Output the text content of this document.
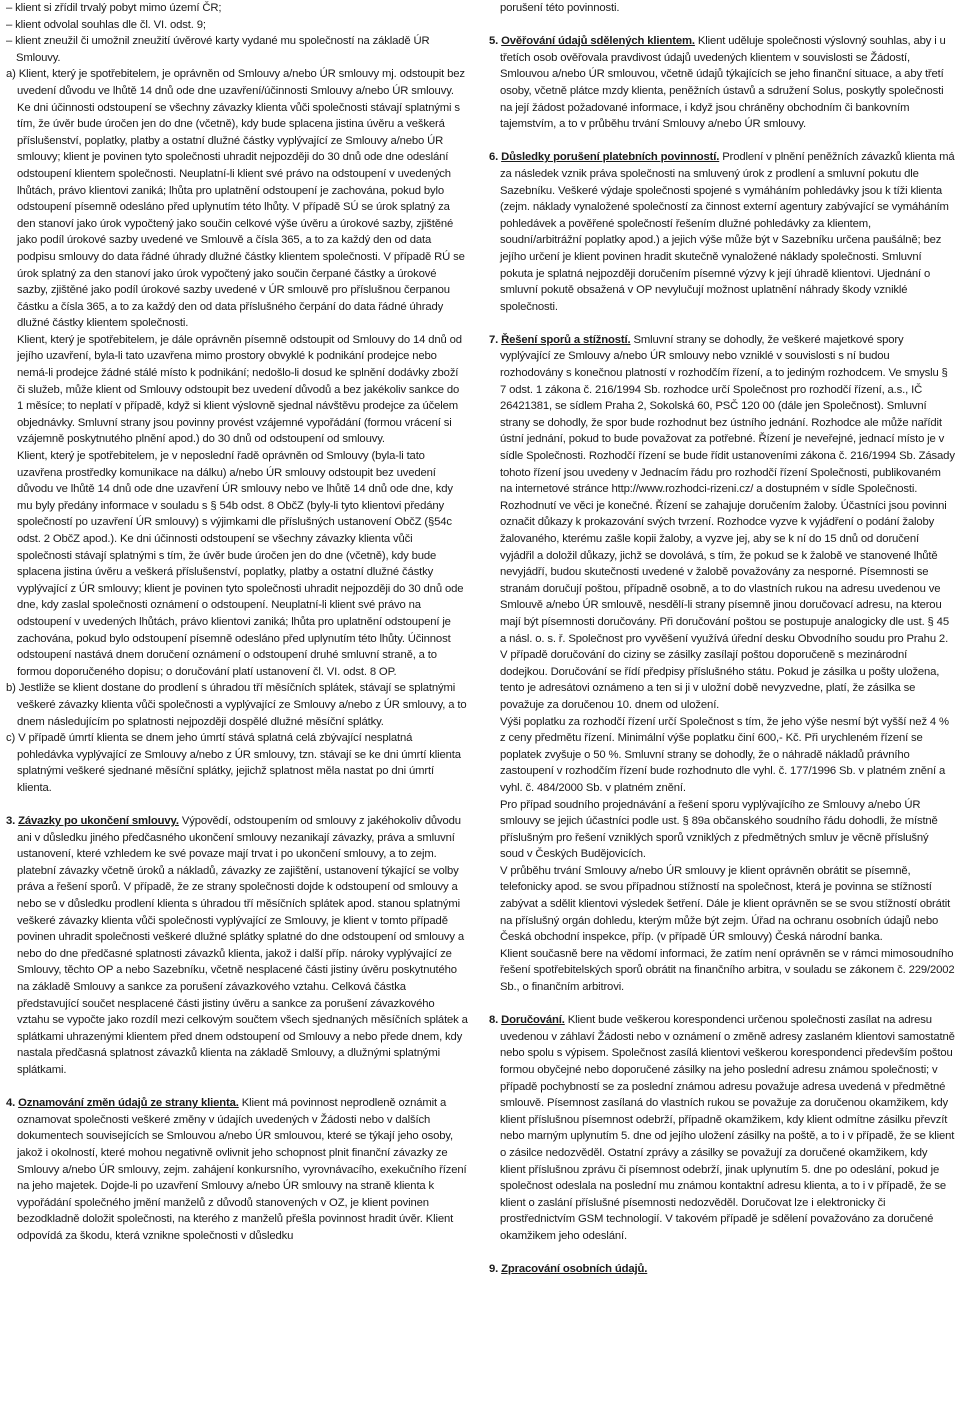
– klient si zřídil trvalý pobyt mimo území ČR;

– klient odvolal souhlas dle čl. VI. odst. 9;

– klient zneužil či umožnil zneužití úvěrové karty vydané mu společností na základě ÚR Smlouvy.

a) Klient, který je spotřebitelem, je oprávněn od Smlouvy a/nebo ÚR smlouvy mj. odstoupit bez uvedení důvodu ve lhůtě 14 dnů ode dne uzavření/účinnosti Smlouvy a/nebo ÚR smlouvy. Ke dni účinnosti odstoupení se všechny závazky klienta vůči společnosti stávají splatnými s tím, že úvěr bude úročen jen do dne (včetně), kdy bude splacena jistina úvěru a veškerá příslušenství, poplatky, platby a ostatní dlužné částky vyplývající ze Smlouvy a/nebo ÚR smlouvy; klient je povinen tyto společnosti uhradit nejpozději do 30 dnů ode dne odeslání odstoupení klientem společnosti. Neuplatní-li klient své právo na odstoupení v uvedených lhůtách, právo klientovi zaniká; lhůta pro uplatnění odstoupení je zachována, pokud bylo odstoupení písemně odesláno před uplynutím této lhůty. V případě SÚ se úrok splatný za den stanoví jako úrok vypočtený jako součin celkové výše úvěru a úrokové sazby, zjištěné jako podíl úrokové sazby uvedené ve Smlouvě a čísla 365, a to za každý den od data podpisu smlouvy do data řádné úhrady dlužné částky klientem společnosti. V případě RÚ se úrok splatný za den stanoví jako úrok vypočtený jako součin čerpané částky a úrokové sazby, zjištěné jako podíl úrokové sazby uvedené v ÚR smlouvě pro příslušnou čerpanou částku a čísla 365, a to za každý den od data příslušného čerpání do data řádné úhrady dlužné částky klientem společnosti.

Klient, který je spotřebitelem, je dále oprávněn písemně odstoupit od Smlouvy do 14 dnů od jejího uzavření, byla-li tato uzavřena mimo prostory obvyklé k podnikání prodejce nebo nemá-li prodejce žádné stálé místo k podnikání; nedošlo-li dosud ke splnění dodávky zboží či služeb, může klient od Smlouvy odstoupit bez uvedení důvodů a bez jakékoliv sankce do 1 měsíce; to neplatí v případě, když si klient výslovně sjednal návštěvu prodejce za účelem objednávky. Smluvní strany jsou povinny provést vzájemné vypořádání (formou vrácení si vzájemně poskytnutého plnění apod.) do 30 dnů od odstoupení od smlouvy.

Klient, který je spotřebitelem, je v neposlední řadě oprávněn od Smlouvy (byla-li tato uzavřena prostředky komunikace na dálku) a/nebo ÚR smlouvy odstoupit bez uvedení důvodu ve lhůtě 14 dnů ode dne uzavření ÚR smlouvy nebo ve lhůtě 14 dnů ode dne, kdy mu byly předány informace v souladu s § 54b odst. 8 ObčZ (byly-li tyto klientovi předány společností po uzavření ÚR smlouvy) s výjimkami dle příslušných ustanovení ObčZ (§54c odst. 2 ObčZ apod.). Ke dni účinnosti odstoupení se všechny závazky klienta vůči společnosti stávají splatnými s tím, že úvěr bude úročen jen do dne (včetně), kdy bude splacena jistina úvěru a veškerá příslušenství, poplatky, platby a ostatní dlužné částky vyplývající z ÚR smlouvy; klient je povinen tyto společnosti uhradit nejpozději do 30 dnů ode dne, kdy zaslal společnosti oznámení o odstoupení. Neuplatní-li klient své právo na odstoupení v uvedených lhůtách, právo klientovi zaniká; lhůta pro uplatnění odstoupení je zachována, pokud bylo odstoupení písemně odesláno před uplynutím této lhůty. Účinnost odstoupení nastává dnem doručení oznámení o odstoupení druhé smluvní straně, a to formou doporučeného dopisu; o doručování platí ustanovení čl. VI. odst. 8 OP.

b) Jestliže se klient dostane do prodlení s úhradou tří měsíčních splátek, stávají se splatnými veškeré závazky klienta vůči společnosti a vyplývající ze Smlouvy a/nebo z ÚR smlouvy, a to dnem následujícím po splatnosti nejpozději dospělé dlužné měsíční splátky.

c) V případě úmrtí klienta se dnem jeho úmrtí stává splatná celá zbývající nesplatná pohledávka vyplývající ze Smlouvy a/nebo z ÚR smlouvy, tzn. stávají se ke dni úmrtí klienta splatnými veškeré sjednané měsíční splátky, jejichž splatnost měla nastat po dni úmrtí klienta.

3. Závazky po ukončení smlouvy. Výpovědí, odstoupením od smlouvy z jakéhokoliv důvodu ani v důsledku jiného předčasného ukončení smlouvy nezanikají závazky, práva a smluvní ustanovení, které vzhledem ke své povaze mají trvat i po ukončení smlouvy, a to zejm. platební závazky včetně úroků a nákladů, závazky ze zajištění, ustanovení týkající se volby práva a řešení sporů. V případě, že ze strany společnosti dojde k odstoupení od smlouvy a nebo se v důsledku prodlení klienta s úhradou tří měsíčních splátek apod. stanou splatnými veškeré závazky klienta vůči společnosti vyplývající ze Smlouvy, je klient v tomto případě povinen uhradit společnosti veškeré dlužné splátky splatné do dne odstoupení od smlouvy a nebo do dne předčasné splatnosti závazků klienta, jakož i další příp. nároky vyplývající ze Smlouvy, těchto OP a nebo Sazebníku, včetně nesplacené části jistiny úvěru poskytnutého na základě Smlouvy a sankce za porušení závazkového vztahu. Celková částka představující součet nesplacené části jistiny úvěru a sankce za porušení závazkového vztahu se vypočte jako rozdíl mezi celkovým součtem všech sjednaných měsíčních splátek a splátkami uhrazenými klientem před dnem odstoupení od Smlouvy a nebo přede dnem, kdy nastala předčasná splatnost závazků klienta na základě Smlouvy, a dlužnými splatnými splátkami.

4. Oznamování změn údajů ze strany klienta. Klient má povinnost neprodleně oznámit a oznamovat společnosti veškeré změny v údajích uvedených v Žádosti nebo v dalších dokumentech souvisejících se Smlouvou a/nebo ÚR smlouvou, které se týkají jeho osoby, jakož i okolností, které mohou negativně ovlivnit jeho schopnost plnit finanční závazky ze Smlouvy a/nebo ÚR smlouvy, zejm. zahájení konkursního, vyrovnávacího, exekučního řízení na jeho majetek. Dojde-li po uzavření Smlouvy a/nebo ÚR smlouvy na straně klienta k vypořádání společného jmění manželů z důvodů stanovených v OZ, je klient povinen bezodkladně doložit společnosti, na kterého z manželů přešla povinnost hradit úvěr. Klient odpovídá za škodu, která vznikne společnosti v důsledku

porušení této povinnosti.

5. Ověřování údajů sdělených klientem. Klient uděluje společnosti výslovný souhlas, aby i u třetích osob ověřovala pravdivost údajů uvedených klientem v souvislosti se Žádostí, Smlouvou a/nebo ÚR smlouvou, včetně údajů týkajících se jeho finanční situace, a aby třetí osoby, včetně plátce mzdy klienta, peněžních ústavů a sdružení Solus, poskytly společnosti na její žádost požadované informace, i když jsou chráněny obchodním či bankovním tajemstvím, a to v průběhu trvání Smlouvy a/nebo ÚR smlouvy.

6. Důsledky porušení platebních povinností. Prodlení v plnění peněžních závazků klienta má za následek vznik práva společnosti na smluvený úrok z prodlení a smluvní pokutu dle Sazebníku. Veškeré výdaje společnosti spojené s vymáháním pohledávky jsou k tíži klienta (zejm. náklady vynaložené společností za činnost externí agentury zabývající se vymáháním pohledávek a pověřené společností řešením dlužné pohledávky za klientem, soudní/arbitrážní poplatky apod.) a jejich výše může být v Sazebníku určena paušálně; bez jejího určení je klient povinen hradit skutečně vynaložené náklady společnosti. Smluvní pokuta je splatná nejpozději doručením písemné výzvy k její úhradě klientovi. Ujednání o smluvní pokutě obsažená v OP nevylučují možnost uplatnění náhrady škody vzniklé společnosti.

7. Řešení sporů a stížností. Smluvní strany se dohodly, že veškeré majetkové spory vyplývající ze Smlouvy a/nebo ÚR smlouvy nebo vzniklé v souvislosti s ní budou rozhodovány s konečnou platností v rozhodčím řízení, a to jediným rozhodcem. Ve smyslu § 7 odst. 1 zákona č. 216/1994 Sb. rozhodce určí Společnost pro rozhodčí řízení, a.s., IČ 26421381, se sídlem Praha 2, Sokolská 60, PSČ 120 00 (dále jen Společnost). Smluvní strany se dohodly, že spor bude rozhodnut bez ústního jednání. Rozhodce ale může nařídit ústní jednání, pokud to bude považovat za potřebné. Řízení je neveřejné, jednací místo je v sídle Společnosti. Rozhodčí řízení se bude řídit ustanoveními zákona č. 216/1994 Sb. Zásady tohoto řízení jsou uvedeny v Jednacím řádu pro rozhodčí řízení Společnosti, publikovaném na internetové stránce http://www.rozhodci-rizeni.cz/ a dostupném v sídle Společnosti. Rozhodnutí ve věci je konečné. Řízení se zahajuje doručením žaloby. Účastníci jsou povinni označit důkazy k prokazování svých tvrzení. Rozhodce vyzve k vyjádření o podání žaloby žalovaného, kterému zašle kopii žaloby, a vyzve jej, aby se k ní do 15 dnů od doručení vyjádřil a doložil důkazy, jichž se dovolává, s tím, že pokud se k žalobě ve stanovené lhůtě nevyjádří, budou skutečnosti uvedené v žalobě považovány za nesporné. Písemnosti se stranám doručují poštou, případně osobně, a to do vlastních rukou na adresu uvedenou ve Smlouvě a/nebo ÚR smlouvě, nesdělí-li strany písemně jinou doručovací adresu, na kterou mají být písemnosti doručovány. Při doručování poštou se postupuje analogicky dle ust. § 45 a násl. o. s. ř. Společnost pro vyvěšení využívá úřední desku Obvodního soudu pro Prahu 2. V případě doručování do ciziny se zásilky zasílají poštou doporučeně s mezinárodní dodejkou. Doručování se řídí předpisy příslušného státu. Pokud je zásilka u pošty uložena, tento je adresátovi oznámeno a ten si ji v uložní době nevyzvedne, platí, že zásilka se považuje za doručenou 10. dnem od uložení.

Výši poplatku za rozhodčí řízení určí Společnost s tím, že jeho výše nesmí být vyšší než 4 % z ceny předmětu řízení. Minimální výše poplatku činí 600,- Kč. Při urychleném řízení se poplatek zvyšuje o 50 %. Smluvní strany se dohodly, že o náhradě nákladů právního zastoupení v rozhodčím řízení bude rozhodnuto dle vyhl. č. 177/1996 Sb. v platném znění a vyhl. č. 484/2000 Sb. v platném znění.

Pro případ soudního projednávání a řešení sporu vyplývajícího ze Smlouvy a/nebo ÚR smlouvy se jejich účastníci podle ust. § 89a občanského soudního řádu dohodli, že místně příslušným pro řešení vzniklých sporů vzniklých z předmětných smluv je věcně příslušný soud v Českých Budějovicích.

V průběhu trvání Smlouvy a/nebo ÚR smlouvy je klient oprávněn obrátit se písemně, telefonicky apod. se svou případnou stížností na společnost, která je povinna se stížností zabývat a sdělit klientovi výsledek šetření. Dále je klient oprávněn se se svou stížností obrátit na příslušný orgán dohledu, kterým může být zejm. Úřad na ochranu osobních údajů nebo Česká obchodní inspekce, příp. (v případě ÚR smlouvy) Česká národní banka.

Klient současně bere na vědomí informaci, že zatím není oprávněn se v rámci mimosoudního řešení spotřebitelských sporů obrátit na finančního arbitra, v souladu se zákonem č. 229/2002 Sb., o finančním arbitrovi.

8. Doručování. Klient bude veškerou korespondenci určenou společnosti zasílat na adresu uvedenou v záhlaví Žádosti nebo v oznámení o změně adresy zaslaném klientovi samostatně nebo spolu s výpisem. Společnost zasílá klientovi veškerou korespondenci především poštou formou obyčejné nebo doporučené zásilky na jeho poslední adresu známou společnosti; v případě pochybností se za poslední známou adresu považuje adresa uvedená v předmětné smlouvě. Písemnost zasílaná do vlastních rukou se považuje za doručenou okamžikem, kdy klient příslušnou písemnost odebrží, případně okamžikem, kdy klient odmítne zásilku převzít nebo marným uplynutím 5. dne od jejího uložení zásilky na poště, a to i v případě, že se klient o zásilce nedozvěděl. Ostatní zprávy a zásilky se považují za doručené okamžikem, kdy klient příslušnou zprávu či písemnost odebrží, jinak uplynutím 5. dne po odeslání, pokud je společnost odeslala na poslední mu známou kontaktní adresu klienta, a to i v případě, že se klient o zaslání příslušné písemnosti nedozvěděl. Doručovat lze i elektronicky či prostřednictvím GSM technologií. V takovém případě je sdělení považováno za doručené okamžikem jeho odeslání.

9. Zpracování osobních údajů.
